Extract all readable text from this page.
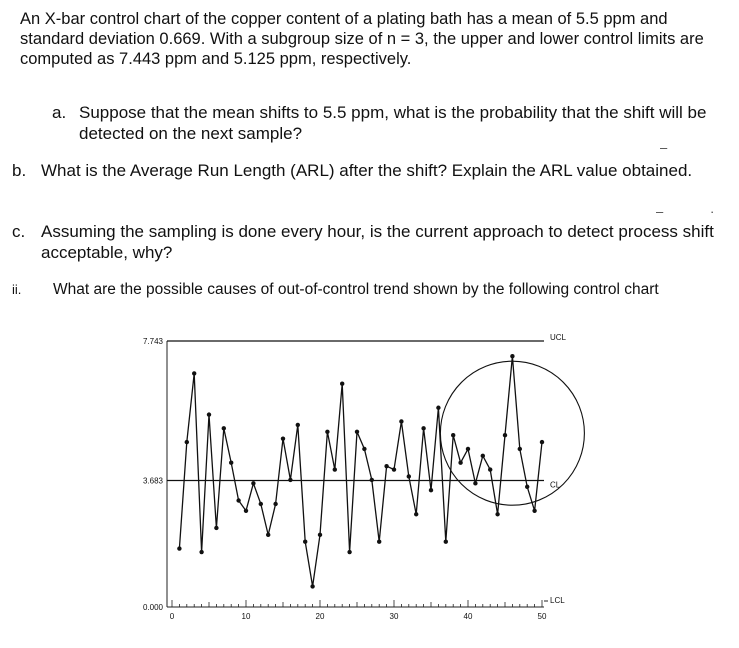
An X-bar control chart of the copper content of a plating bath has a mean of 5.5 ppm and standard deviation 0.669. With a subgroup size of n = 3, the upper and lower control limits are computed as 7.443 ppm and 5.125 ppm, respectively.
a. Suppose that the mean shifts to 5.5 ppm, what is the probability that the shift will be detected on the next sample?
b. What is the Average Run Length (ARL) after the shift? Explain the ARL value obtained.
c. Assuming the sampling is done every hour, is the current approach to detect process shift acceptable, why?
ii. What are the possible causes of out-of-control trend shown by the following control chart
–
–	·
7.743
3.683
0.000
UCL
CL
LCL
0	10	20	30	40	50
